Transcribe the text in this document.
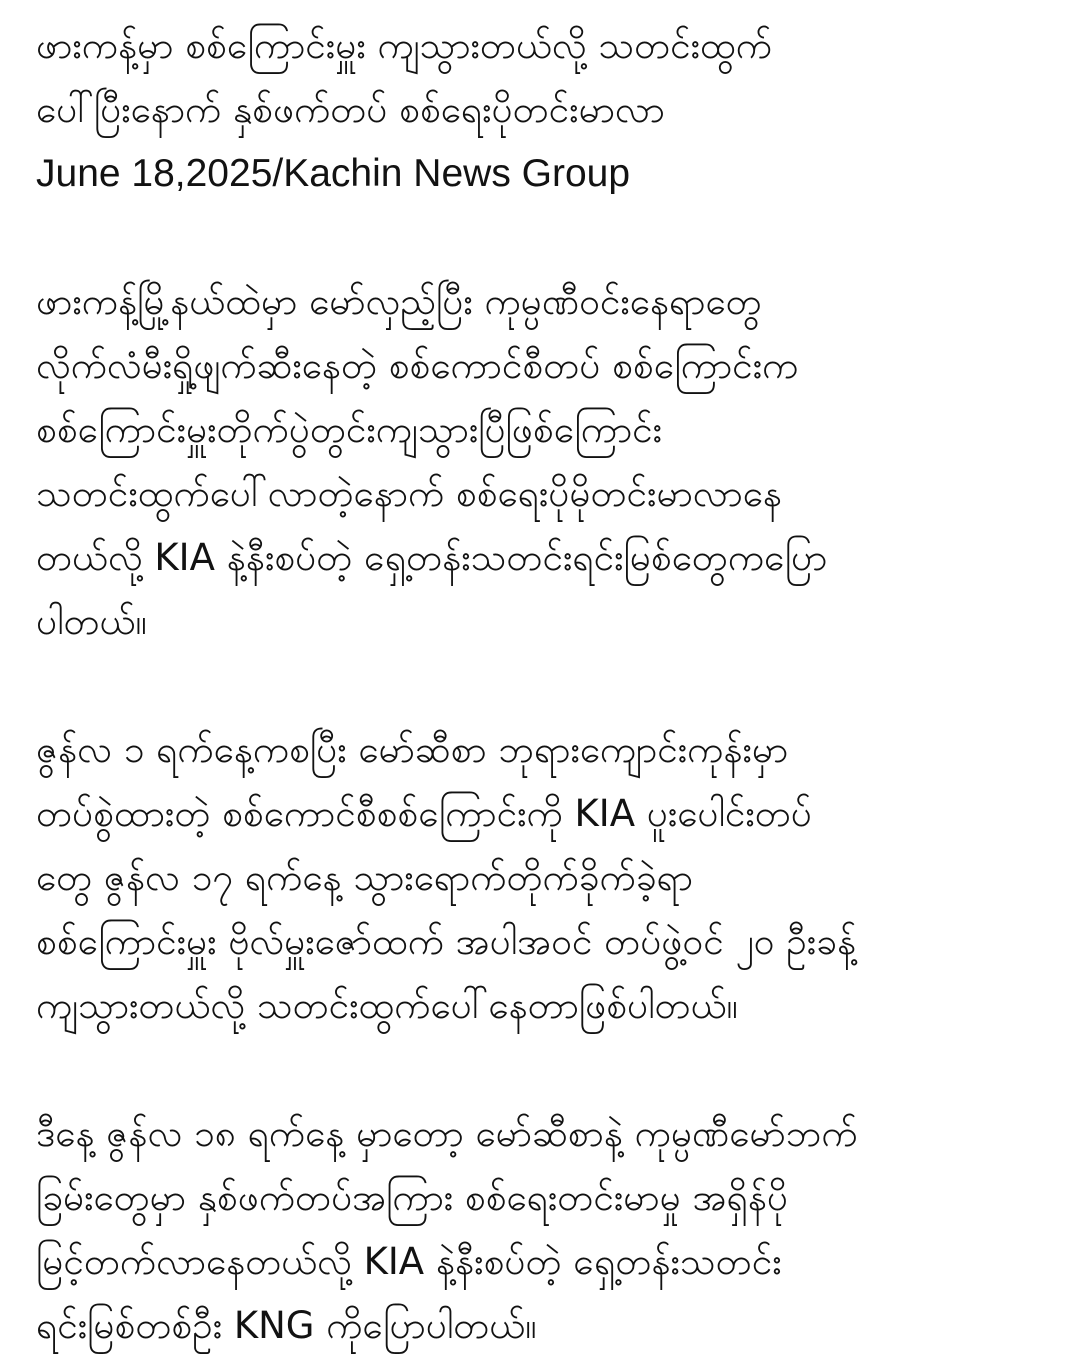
ဖားကန့်မှာ စစ်ကြောင်းမှူး ကျသွားတယ်လို့ သတင်းထွက်
ပေါ်ပြီးနောက် နှစ်ဖက်တပ် စစ်ရေးပိုတင်းမာလာ
June 18,2025/Kachin News Group
ဖားကန့်မြို့နယ်ထဲမှာ မော်လှည့်ပြီး ကုမ္ပဏီဝင်းနေရာတွေ
လိုက်လံမီးရှို့ဖျက်ဆီးနေတဲ့ စစ်ကောင်စီတပ် စစ်ကြောင်းက
စစ်ကြောင်းမှူးတိုက်ပွဲတွင်းကျသွားပြီဖြစ်ကြောင်း
သတင်းထွက်ပေါ်လာတဲ့နောက် စစ်ရေးပိုမိုတင်းမာလာနေ
တယ်လို့ KIA နဲ့နီးစပ်တဲ့ ရှေ့တန်းသတင်းရင်းမြစ်တွေကပြော
ပါတယ်။
ဇွန်လ ၁ ရက်နေ့ကစပြီး မော်ဆီစာ ဘုရားကျောင်းကုန်းမှာ
တပ်စွဲထားတဲ့ စစ်ကောင်စီစစ်ကြောင်းကို KIA ပူးပေါင်းတပ်
တွေ ဇွန်လ ၁၇ ရက်နေ့ သွားရောက်တိုက်ခိုက်ခဲ့ရာ
စစ်ကြောင်းမှူး ဗိုလ်မှူးဇော်ထက် အပါအဝင် တပ်ဖွဲ့ဝင် ၂၀ ဦးခန့်
ကျသွားတယ်လို့ သတင်းထွက်ပေါ်နေတာဖြစ်ပါတယ်။
ဒီနေ့ ဇွန်လ ၁၈ ရက်နေ့ မှာတော့ မော်ဆီစာနဲ့ ကုမ္ပဏီမော်ဘက်
ခြမ်းတွေမှာ နှစ်ဖက်တပ်အကြား စစ်ရေးတင်းမာမှု အရှိန်ပို
မြင့်တက်လာနေတယ်လို့ KIA နဲ့နီးစပ်တဲ့ ရှေ့တန်းသတင်း
ရင်းမြစ်တစ်ဦး KNG ကိုပြောပါတယ်။
